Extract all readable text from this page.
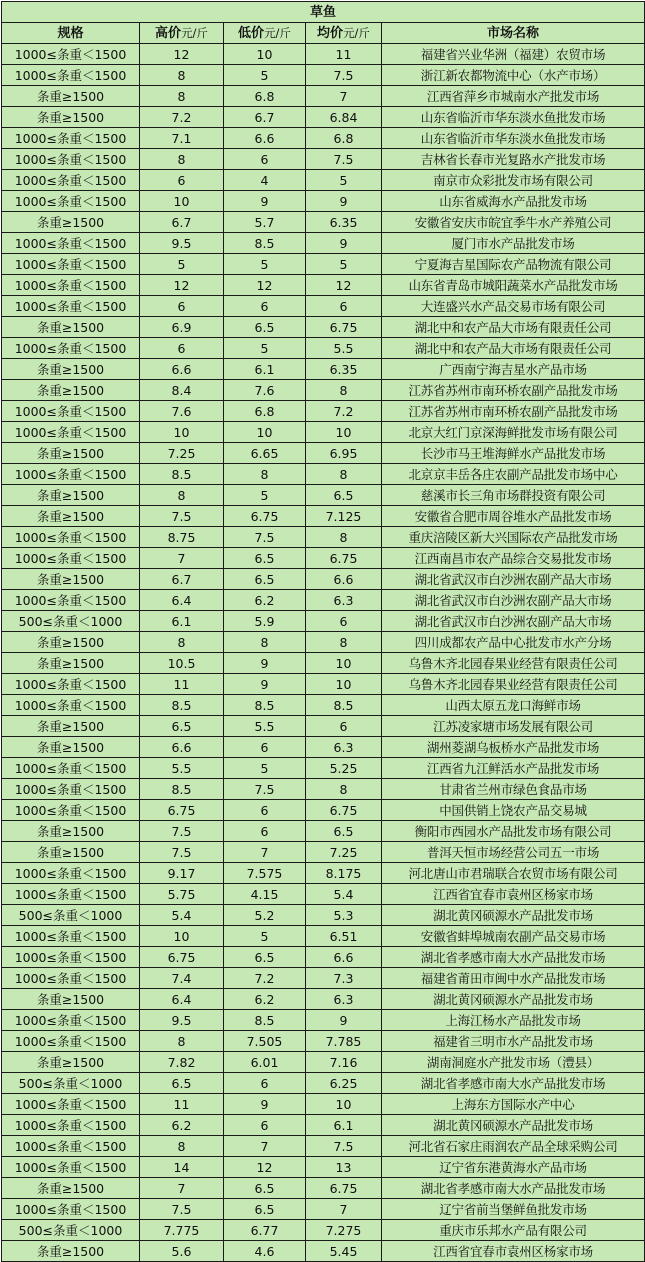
草鱼				
规格	高价元/斤	低价元/斤	均价元/斤	市场名称
1000≤条重＜1500	12	10	11	福建省兴业华洲（福建）农贸市场
1000≤条重＜1500	8	5	7.5	浙江新农都物流中心（水产市场）
条重≥1500	8	6.8	7	江西省萍乡市城南水产批发市场
条重≥1500	7.2	6.7	6.84	山东省临沂市华东淡水鱼批发市场
1000≤条重＜1500	7.1	6.6	6.8	山东省临沂市华东淡水鱼批发市场
1000≤条重＜1500	8	6	7.5	吉林省长春市光复路水产批发市场
1000≤条重＜1500	6	4	5	南京市众彩批发市场有限公司
1000≤条重＜1500	10	9	9	山东省威海水产品批发市场
条重≥1500	6.7	5.7	6.35	安徽省安庆市皖宜季牛水产养殖公司
1000≤条重＜1500	9.5	8.5	9	厦门市水产品批发市场
1000≤条重＜1500	5	5	5	宁夏海吉星国际农产品物流有限公司
1000≤条重＜1500	12	12	12	山东省青岛市城阳蔬菜水产品批发市场
1000≤条重＜1500	6	6	6	大连盛兴水产品交易市场有限公司
条重≥1500	6.9	6.5	6.75	湖北中和农产品大市场有限责任公司
1000≤条重＜1500	6	5	5.5	湖北中和农产品大市场有限责任公司
条重≥1500	6.6	6.1	6.35	广西南宁海吉星水产品市场
条重≥1500	8.4	7.6	8	江苏省苏州市南环桥农副产品批发市场
1000≤条重＜1500	7.6	6.8	7.2	江苏省苏州市南环桥农副产品批发市场
1000≤条重＜1500	10	10	10	北京大红门京深海鲜批发市场有限公司
条重≥1500	7.25	6.65	6.95	长沙市马王堆海鲜水产品批发市场
1000≤条重＜1500	8.5	8	8	北京京丰岳各庄农副产品批发市场中心
条重≥1500	8	5	6.5	慈溪市长三角市场群投资有限公司
条重≥1500	7.5	6.75	7.125	安徽省合肥市周谷堆水产品批发市场
1000≤条重＜1500	8.75	7.5	8	重庆涪陵区新大兴国际农产品批发市场
1000≤条重＜1500	7	6.5	6.75	江西南昌市农产品综合交易批发市场
条重≥1500	6.7	6.5	6.6	湖北省武汉市白沙洲农副产品大市场
1000≤条重＜1500	6.4	6.2	6.3	湖北省武汉市白沙洲农副产品大市场
500≤条重＜1000	6.1	5.9	6	湖北省武汉市白沙洲农副产品大市场
条重≥1500	8	8	8	四川成都农产品中心批发市水产分场
条重≥1500	10.5	9	10	乌鲁木齐北园春果业经营有限责任公司
1000≤条重＜1500	11	9	10	乌鲁木齐北园春果业经营有限责任公司
1000≤条重＜1500	8.5	8.5	8.5	山西太原五龙口海鲜市场
条重≥1500	6.5	5.5	6	江苏凌家塘市场发展有限公司
条重≥1500	6.6	6	6.3	湖州菱湖乌板桥水产品批发市场
1000≤条重＜1500	5.5	5	5.25	江西省九江鲜活水产品批发市场
1000≤条重＜1500	8.5	7.5	8	甘肃省兰州市绿色食品市场
1000≤条重＜1500	6.75	6	6.75	中国供销上饶农产品交易城
条重≥1500	7.5	6	6.5	衡阳市西园水产品批发市场有限公司
条重≥1500	7.5	7	7.25	普洱天恒市场经营公司五一市场
1000≤条重＜1500	9.17	7.575	8.175	河北唐山市君瑞联合农贸市场有限公司
1000≤条重＜1500	5.75	4.15	5.4	江西省宜春市袁州区杨家市场
500≤条重＜1000	5.4	5.2	5.3	湖北黄冈硕源水产品批发市场
1000≤条重＜1500	10	5	6.51	安徽省蚌埠城南农副产品交易市场
1000≤条重＜1500	6.75	6.5	6.6	湖北省孝感市南大水产品批发市场
1000≤条重＜1500	7.4	7.2	7.3	福建省莆田市闽中水产品批发市场
条重≥1500	6.4	6.2	6.3	湖北黄冈硕源水产品批发市场
1000≤条重＜1500	9.5	8.5	9	上海江杨水产品批发市场
1000≤条重＜1500	8	7.505	7.785	福建省三明市水产品批发市场
条重≥1500	7.82	6.01	7.16	湖南洞庭水产批发市场（澧县）
500≤条重＜1000	6.5	6	6.25	湖北省孝感市南大水产品批发市场
1000≤条重＜1500	11	9	10	上海东方国际水产中心
1000≤条重＜1500	6.2	6	6.1	湖北黄冈硕源水产品批发市场
1000≤条重＜1500	8	7	7.5	河北省石家庄雨润农产品全球采购公司
1000≤条重＜1500	14	12	13	辽宁省东港黄海水产品市场
条重≥1500	7	6.5	6.75	湖北省孝感市南大水产品批发市场
1000≤条重＜1500	7.5	6.5	7	辽宁省前当堡鲜鱼批发市场
500≤条重＜1000	7.775	6.77	7.275	重庆市乐邦水产品有限公司
条重≥1500	5.6	4.6	5.45	江西省宜春市袁州区杨家市场
